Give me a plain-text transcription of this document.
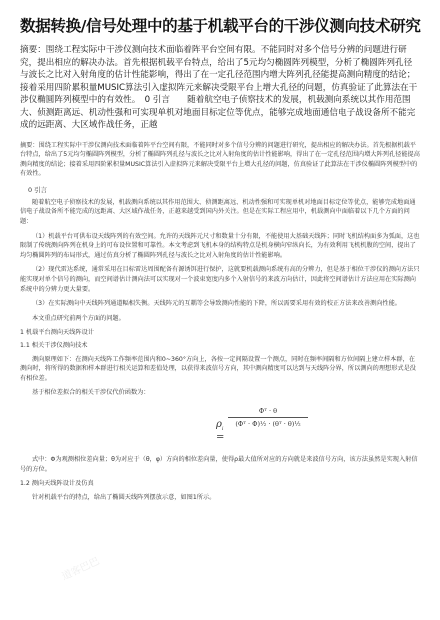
数据转换/信号处理中的基于机载平台的干涉仪测向技术研究

摘要：围绕工程实际中干涉仪测向技术面临着阵平台空间有限。不能同时对多个信号分辨的问题进行研究，提出相应的解决办法。首先根据机载平台特点，给出了5元均匀椭圆阵列模型，分析了椭圆阵列孔径与波长之比对入射角度的估计性能影响，得出了在一定孔径范围内增大阵列孔径能提高测向精度的结论；接着采用四阶累积量MUSIC算法引入虚拟阵元来解决受限平台上增大孔径的问题，仿真验证了此算法在干涉仪椭圆阵列模型中的有效性。　0 引言　　随着航空电子侦察技术的发展，机载测向系统以其作用范围大、侦测距离远、机动性强和可实现单机对地面目标定位等优点，能够完成地面通信电子战设备所不能完成的远距离、大区域作战任务，正越

摘要：围绕工程实际中干涉仪测向技术面临着阵平台空间有限，不能同时对多个信号分辨的问题进行研究，提出相应的解决办法。首先根据机载平台特点，给出了5元均匀椭圆阵列模型，分析了椭圆阵列孔径与波长之比对入射角度的估计性能影响，得出了在一定孔径范围内增大阵列孔径能提高测向精度的结论；接着采用四阶累积量MUSIC算法引入虚拟阵元来解决受限平台上增大孔径的问题，仿真验证了此算法在干涉仪椭圆阵列模型中的有效性。

0 引言

随着航空电子侦察技术的发展，机载测向系统以其作用范围大、侦测距离远、机动性强和可实现单机对地面目标定位等优点，能够完成地面通信电子战设备所不能完成的远距离、大区域作战任务，正越来越受到国内外关注。但是在实际工程应用中，机载测向中面临着以下几个方面的问题：

（1）机载平台可供布设天线阵列的有效空间。允许的天线阵元尺寸和数量十分有限，不能使用大基础天线阵；同时飞机结构面多为弧面，这也限制了传统测向阵列在机身上的可布设位置和可靠性。本文考虑到飞机本身的结构特点是机身横向窄纵向长，为有效利用飞机机腹的空间，提出了均匀椭圆阵列的布局形式，通过仿真分析了椭圆阵列孔径与波长之比对入射角度的估计性能影响。

（2）现代雷达系统，通常采用在目标雷达周围配备有源诱饵进行保护，这就要机载测向系统有高的分辨力，但是基于相位干涉仪的测向方法只能实现对单个信号的测向，而空间谱估计测向法可以实现对一个波束宽度内多个入射信号的来波方向估计，因此将空间谱估计方法应用在实际测向系统中的分辨力更大量要。

（3）在实际测向中天线阵列通道幅相失衡。天线阵元的互耦等会导致测向性能的下降，所以需要采用有效的校正方法来改善测向性能。

本文重点研究前两个方面的问题。

1 机载平台测向天线阵设计

1.1 相关干涉仪测向技术

测向原理如下：在测向天线阵工作频率范围内和0~360°方向上，各按一定间隔设置一个测点，同时在频率间隔和方位间隔上建立样本群，在测向时，将所得的数据和样本群进行相关运算和差值处理，以获得来波信号方向，其中测向精度可以达到与天线阵分界，所以测向的理想形式是没有相位差。

基于相位差拟合的相关干涉仪代价函数为：

$\rho_i$ =
$\frac{\text{Φᵀ · θ}}{\text{(Φᵀ · Φ)½ · (θᵀ · θ)½}}$

式中：Φ为观测相位差向量；θ为对应于（θ，φ）方向的相位差向量，使得ρ最大值所对应的方向就是来波信号方向，该方法虽然是实现入射信号的方位。

1.2 测向天线阵设计及仿真

针对机载平台的特点，给出了椭圆天线阵列摆放示意，如图1所示。

道客巴巴
